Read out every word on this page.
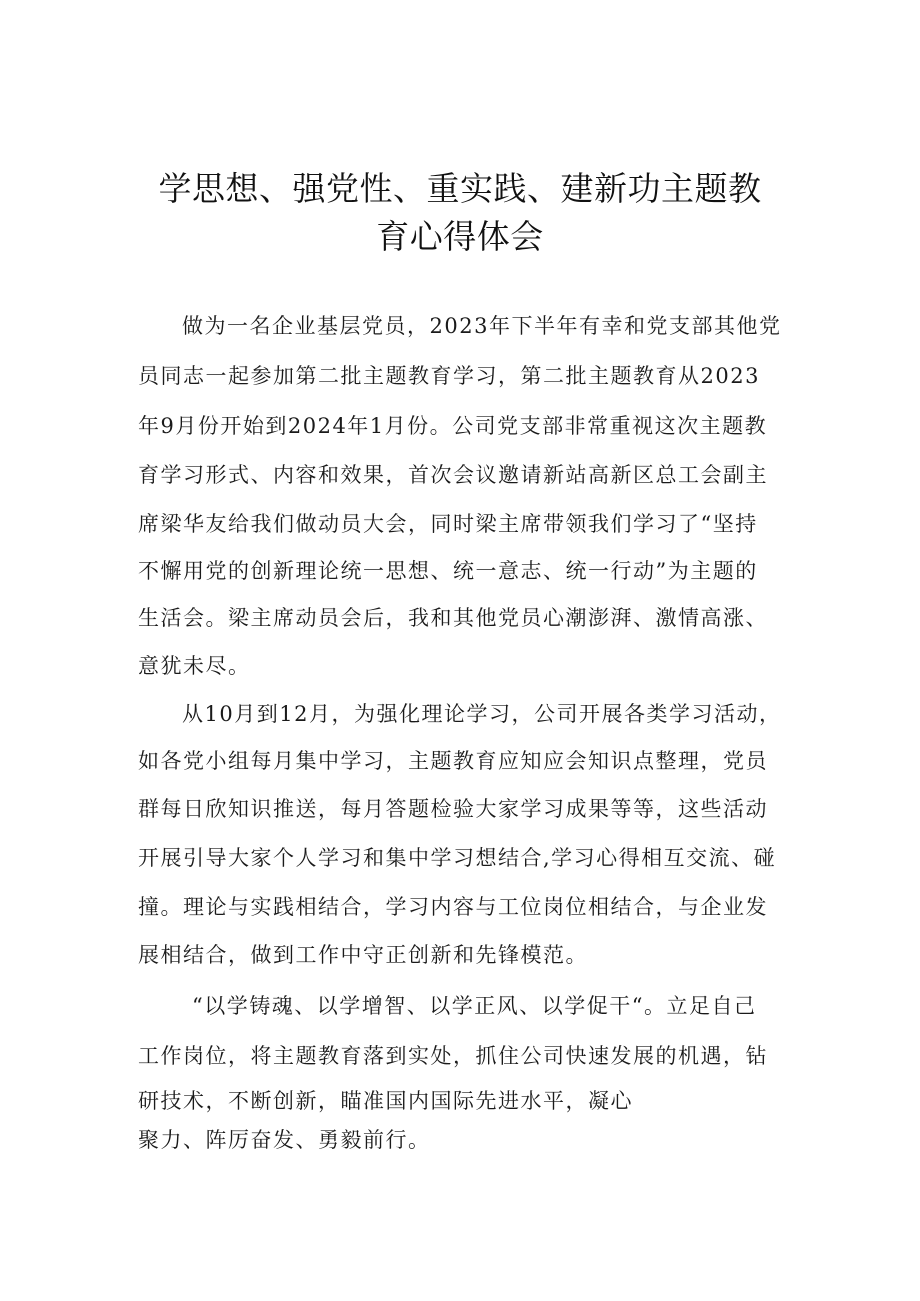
学思想、强党性、重实践、建新功主题教
育心得体会

做为一名企业基层党员，2023年下半年有幸和党支部其他党

员同志一起参加第二批主题教育学习，第二批主题教育从2023

年9月份开始到2024年1月份。公司党支部非常重视这次主题教

育学习形式、内容和效果，首次会议邀请新站高新区总工会副主

席梁华友给我们做动员大会，同时梁主席带领我们学习了“坚持

不懈用党的创新理论统一思想、统一意志、统一行动”为主题的

生活会。梁主席动员会后，我和其他党员心潮澎湃、激情高涨、

意犹未尽。

从10月到12月，为强化理论学习，公司开展各类学习活动，

如各党小组每月集中学习，主题教育应知应会知识点整理，党员

群每日欣知识推送，每月答题检验大家学习成果等等，这些活动

开展引导大家个人学习和集中学习想结合,学习心得相互交流、碰

撞。理论与实践相结合，学习内容与工位岗位相结合，与企业发

展相结合，做到工作中守正创新和先锋模范。

“以学铸魂、以学增智、以学正风、以学促干“。立足自己

工作岗位，将主题教育落到实处，抓住公司快速发展的机遇，钻

研技术，不断创新，瞄准国内国际先进水平，凝心

聚力、阵厉奋发、勇毅前行。
